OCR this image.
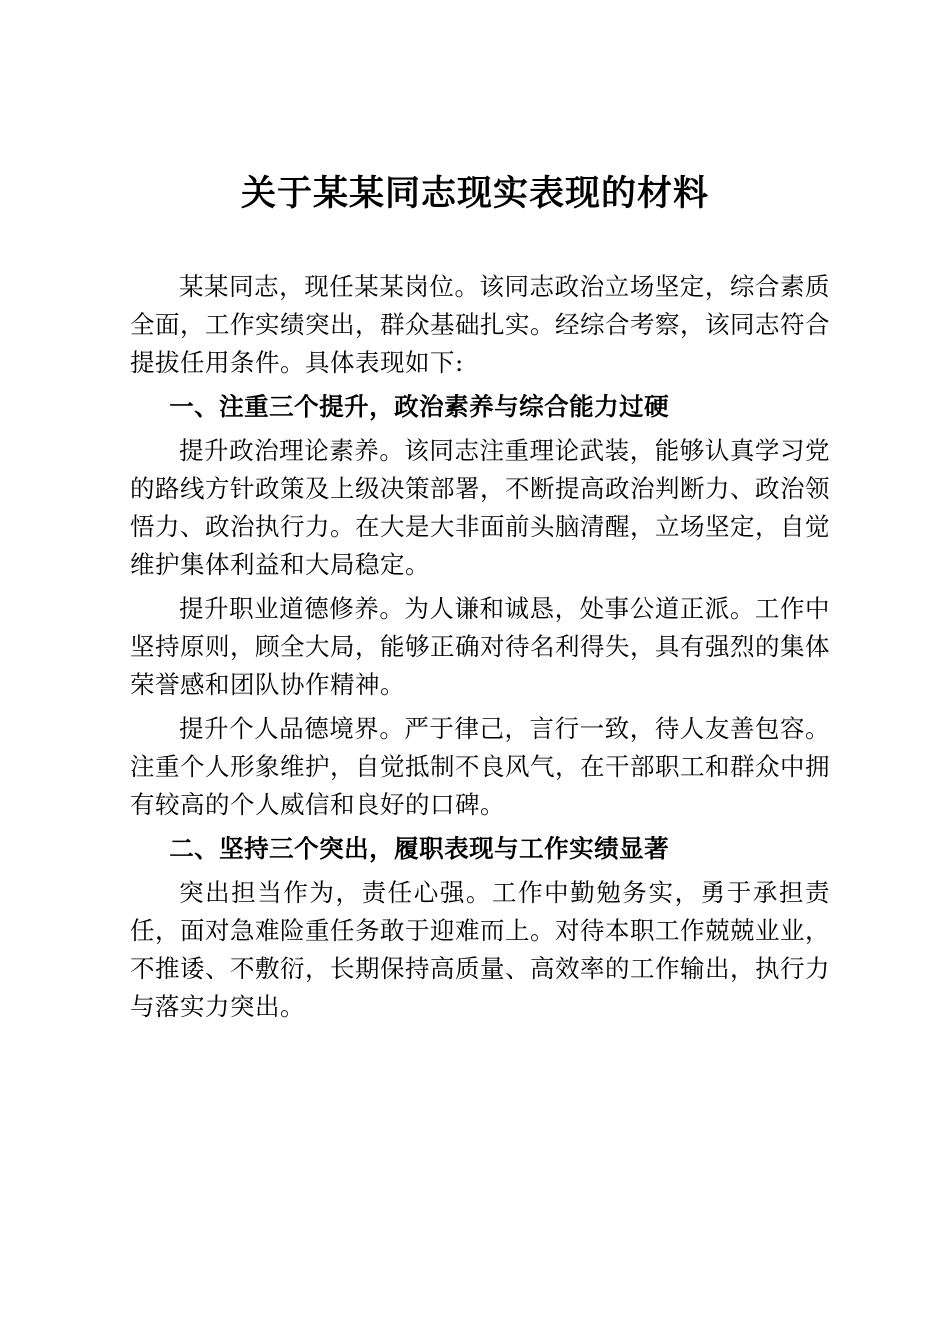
关于某某同志现实表现的材料

某某同志，现任某某岗位。该同志政治立场坚定，综合素质全面，工作实绩突出，群众基础扎实。经综合考察，该同志符合提拔任用条件。具体表现如下:

一、注重三个提升，政治素养与综合能力过硬

提升政治理论素养。该同志注重理论武装，能够认真学习党的路线方针政策及上级决策部署，不断提高政治判断力、政治领悟力、政治执行力。在大是大非面前头脑清醒，立场坚定，自觉维护集体利益和大局稳定。

提升职业道德修养。为人谦和诚恳，处事公道正派。工作中坚持原则，顾全大局，能够正确对待名利得失，具有强烈的集体荣誉感和团队协作精神。

提升个人品德境界。严于律己，言行一致，待人友善包容。注重个人形象维护，自觉抵制不良风气，在干部职工和群众中拥有较高的个人威信和良好的口碑。

二、坚持三个突出，履职表现与工作实绩显著

突出担当作为，责任心强。工作中勤勉务实，勇于承担责任，面对急难险重任务敢于迎难而上。对待本职工作兢兢业业，不推诿、不敷衍，长期保持高质量、高效率的工作输出，执行力与落实力突出。
